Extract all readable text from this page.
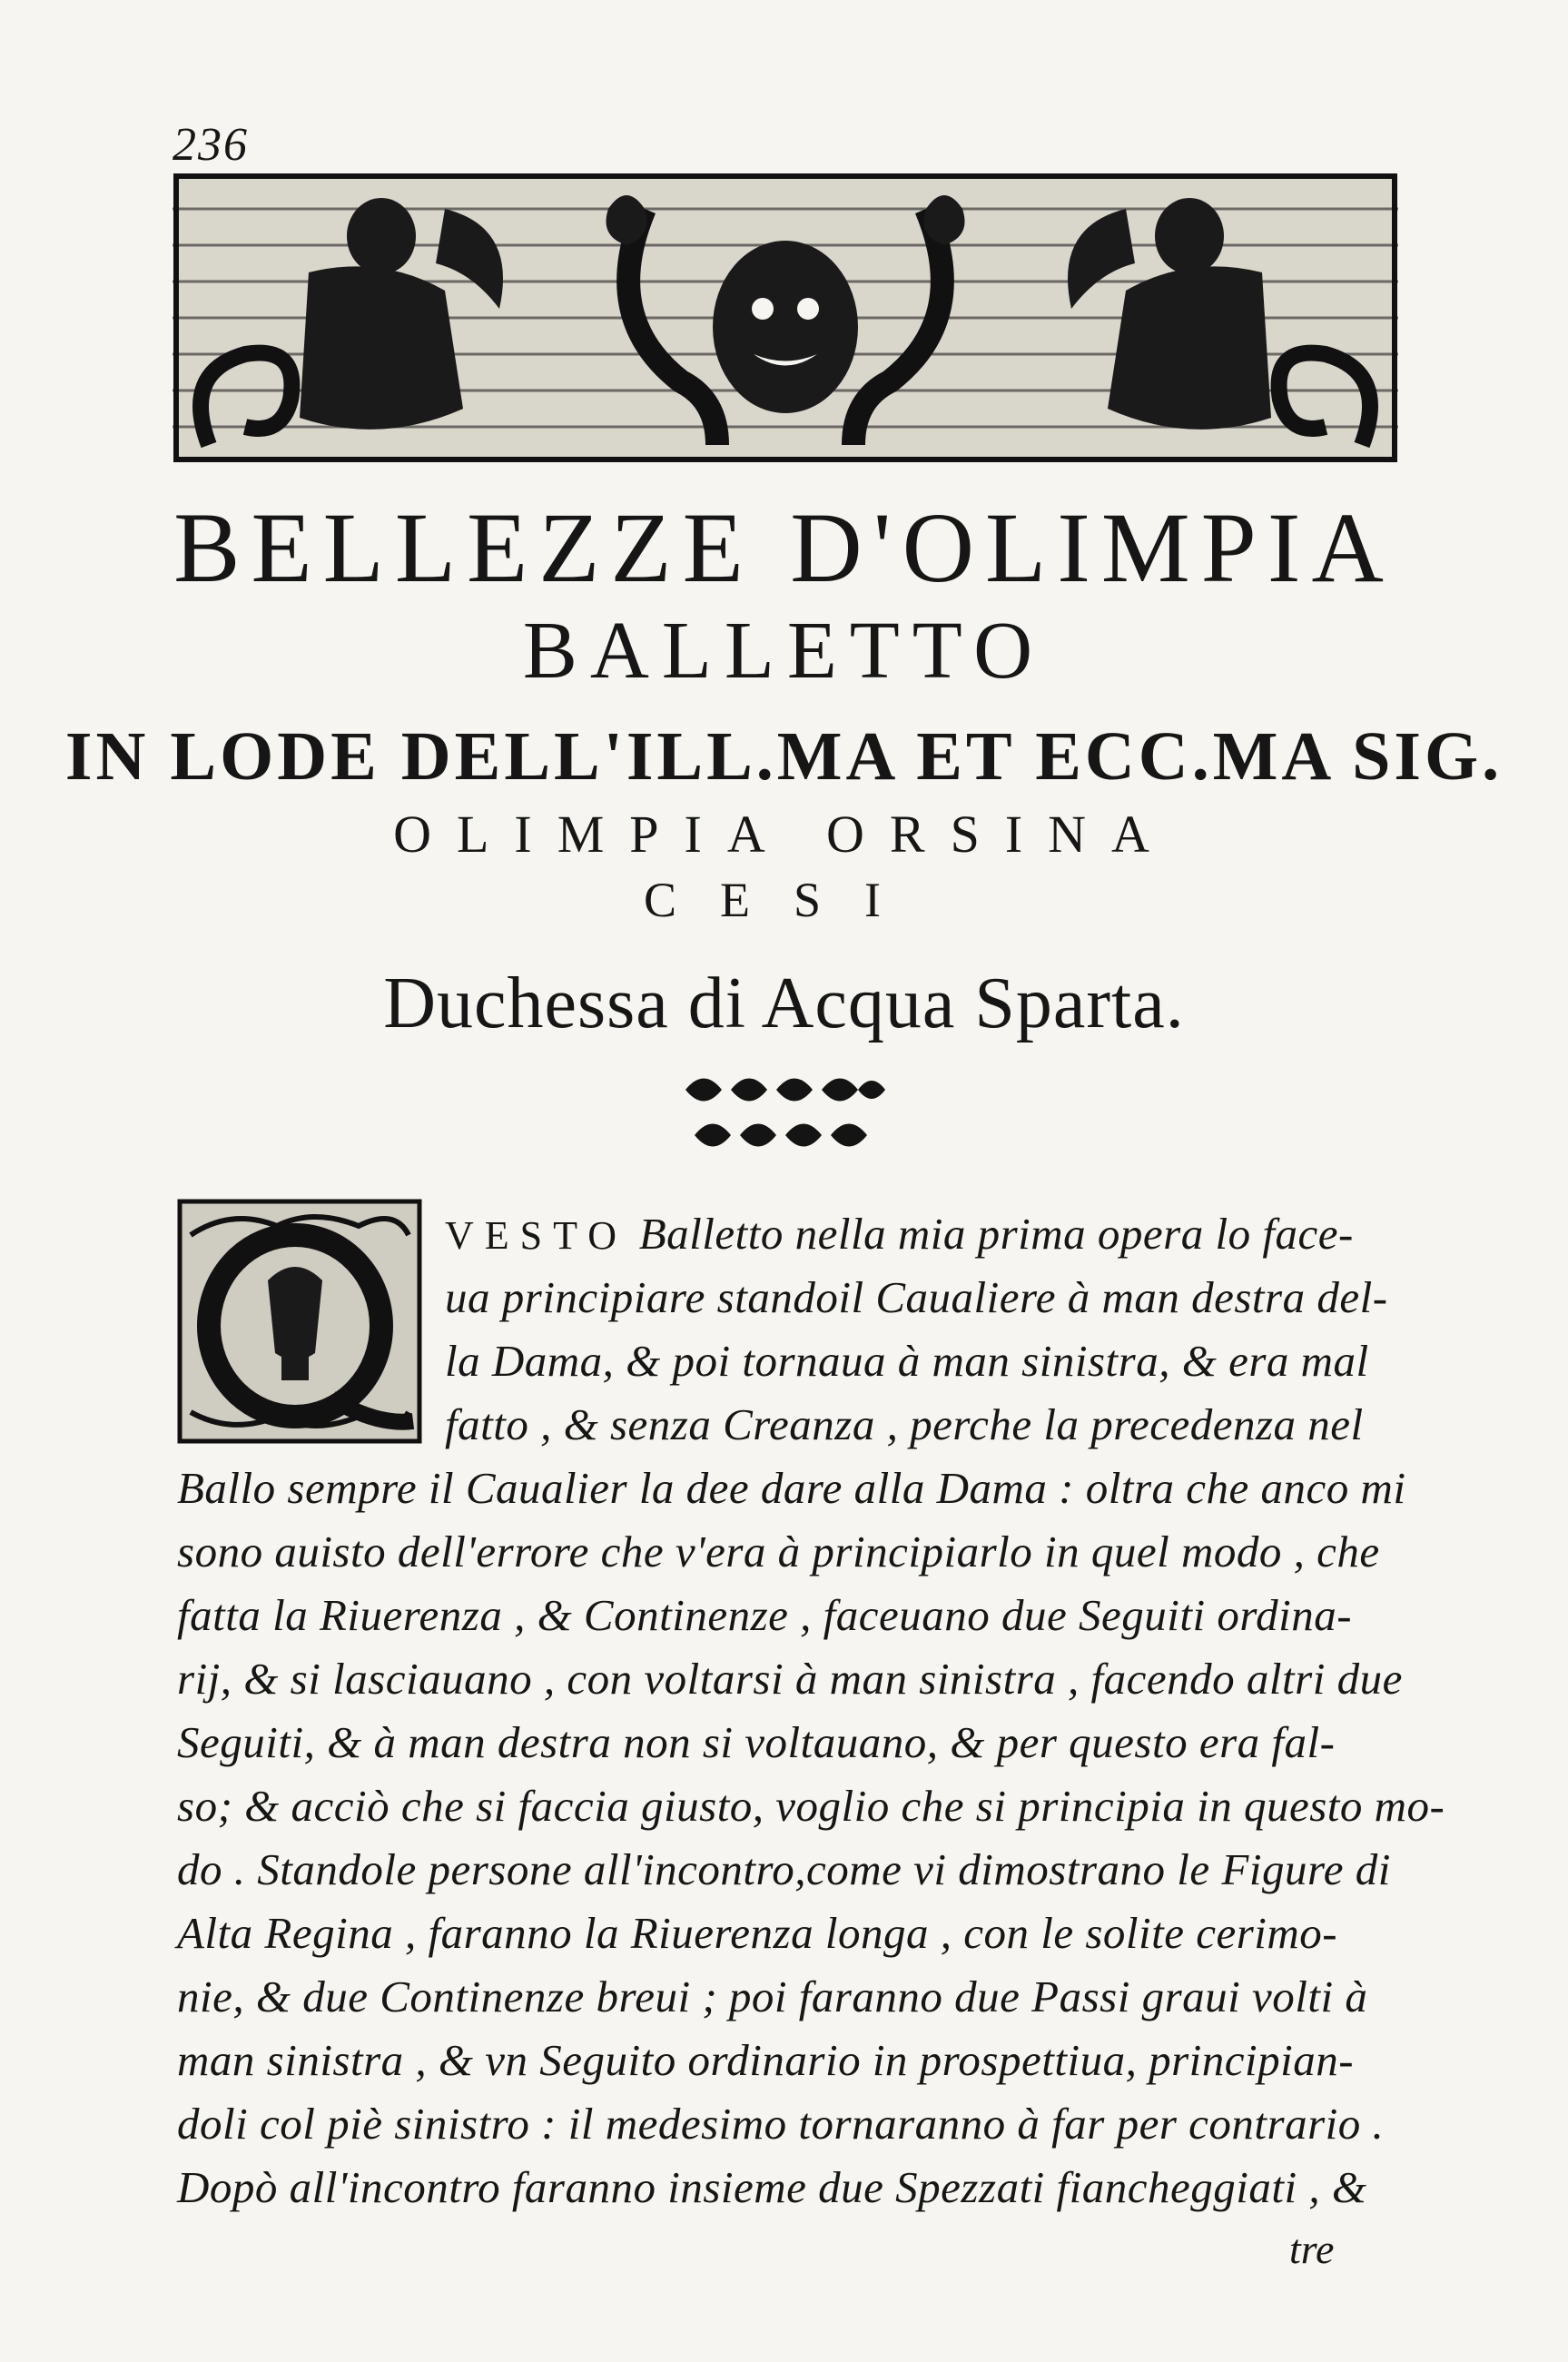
236
BELLEZZE D'OLIMPIA
BALLETTO
IN LODE DELL'ILL.MA ET ECC.MA SIG.
OLIMPIA ORSINA
CESI
Duchessa di Acqua Sparta.
VESTO Balletto nella mia prima opera lo face-
ua principiare standoil Caualiere à man destra del-
la Dama, & poi tornaua à man sinistra, & era mal
fatto , & senza Creanza , perche la precedenza nel
Ballo sempre il Caualier la dee dare alla Dama : oltra che anco mi
sono auisto dell'errore che v'era à principiarlo in quel modo , che
fatta la Riuerenza , & Continenze , faceuano due Seguiti ordina-
rij, & si lasciauano , con voltarsi à man sinistra , facendo altri due
Seguiti, & à man destra non si voltauano, & per questo era fal-
so; & acciò che si faccia giusto, voglio che si principia in questo mo-
do . Standole persone all'incontro,come vi dimostrano le Figure di
Alta Regina , faranno la Riuerenza longa , con le solite cerimo-
nie, & due Continenze breui ; poi faranno due Passi graui volti à
man sinistra , & vn Seguito ordinario in prospettiua, principian-
doli col piè sinistro : il medesimo tornaranno à far per contrario .
Dopò all'incontro faranno insieme due Spezzati fiancheggiati , &
tre
